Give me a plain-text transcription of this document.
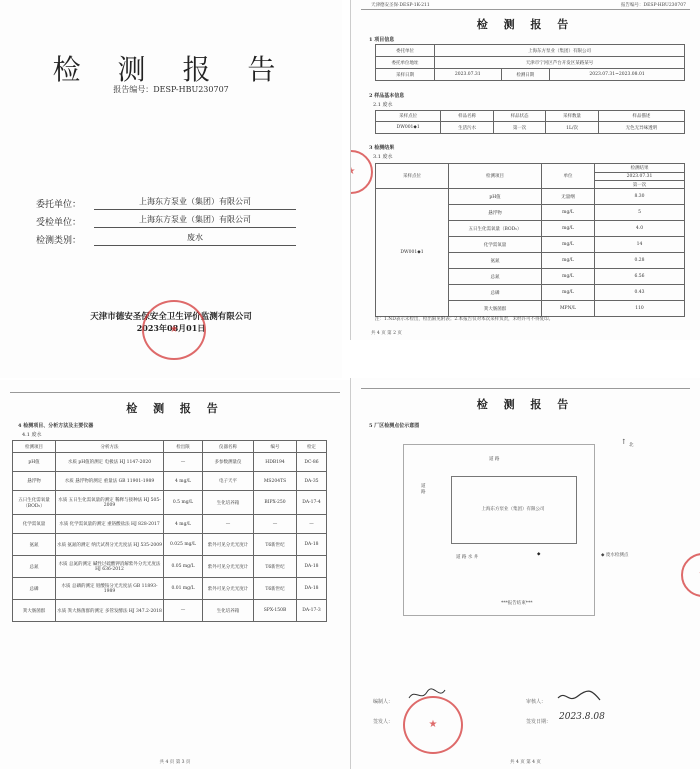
检 测 报 告
报告编号：DESP-HBU230707
委托单位：	上海东方泵业（集团）有限公司
受检单位：	上海东方泵业（集团）有限公司
检测类别：	废水
天津市德安圣保安全卫生评价监测有限公司
2023年08月01日
★
天津德安圣保·DESP-1K-211	报告编号：DESP-HBU230707
检 测 报 告
1 项目信息
委托单位	上海东方泵业（集团）有限公司		
委托单位地址	天津市宁河区芦台开发区某路某号		
采样日期	2023.07.31	检测日期	2023.07.31~2023.08.01
2 样品基本信息
2.1 废水
采样点位	样品名称	样品状态	采样数量	样品描述
DW001◆1	生活污水	第一次	1L/次	无色无异味透明
3 检测结果
3.1 废水
采样点位	检测项目	单位	检测结果
			2023.07.31
			第一次
DW001◆1	pH值	无量纲	8.30
	悬浮物	mg/L	5
	五日生化需氧量（BOD₅）	mg/L	4.0
	化学需氧量	mg/L	14
	氨氮	mg/L	0.28
	总氮	mg/L	6.56
	总磷	mg/L	0.43
	粪大肠菌群	MPN/L	110
注：1.ND表示未检出，检出限见附表；2.本报告仅对本次采样负责，未经许可不得复印。
共 4 页 第 2 页
★
检 测 报 告
4 检测项目、分析方法及主要仪器
4.1 废水
检测项目	分析方法	检出限	仪器名称	编号	检定
pH值	水质 pH值的测定 电极法 HJ 1147-2020	—	多参数测量仪	HDB194	DC-86
悬浮物	水质 悬浮物的测定 重量法 GB 11901-1989	4 mg/L	电子天平	MS204TS	DA-35
五日生化需氧量（BOD₅）	水质 五日生化需氧量的测定 稀释与接种法 HJ 505-2009	0.5 mg/L	生化培养箱	BIPX-250	DA-17-4
化学需氧量	水质 化学需氧量的测定 重铬酸盐法 HJ 828-2017	4 mg/L	—	—	—
氨氮	水质 氨氮的测定 纳氏试剂分光光度法 HJ 535-2009	0.025 mg/L	紫外可见分光光度计	T6新世纪	DA-18
总氮	水质 总氮的测定 碱性过硫酸钾消解紫外分光光度法 HJ 636-2012	0.05 mg/L	紫外可见分光光度计	T6新世纪	DA-18
总磷	水质 总磷的测定 钼酸铵分光光度法 GB 11893-1989	0.01 mg/L	紫外可见分光光度计	T6新世纪	DA-18
粪大肠菌群	水质 粪大肠菌群的测定 多管发酵法 HJ 347.2-2018	—	生化培养箱	SPX-150B	DA-17-3
共 4 页 第 3 页
检 测 报 告
5 厂区检测点位示意图
道 路
上海东方泵业（集团）有限公司
道 路
道 路 水 井
◆	◆ 废水检测点
↑ 北
***报告结束***
编制人：	审核人：
签发人：	签发日期： 2023.8.08
★
★
共 4 页 第 4 页
